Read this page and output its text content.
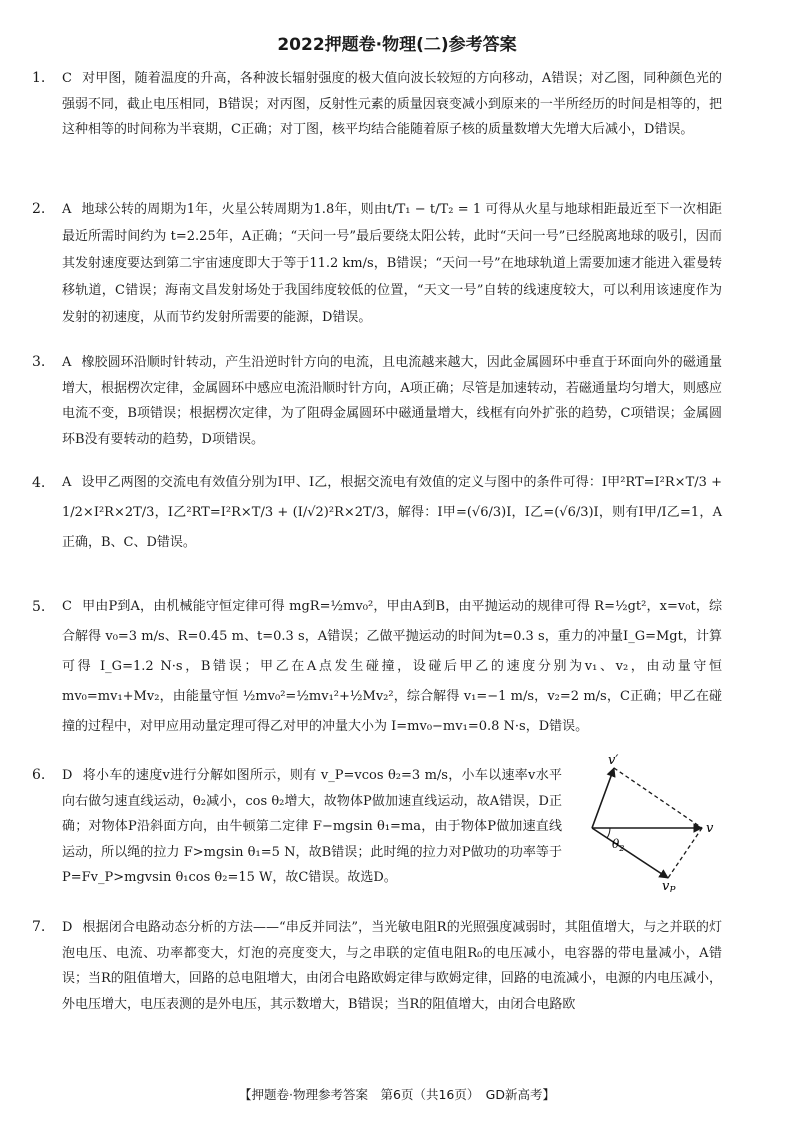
2022押题卷·物理(二)参考答案
1.	C 对甲图，随着温度的升高，各种波长辐射强度的极大值向波长较短的方向移动，A错误；对乙图，同种颜色光的强弱不同，截止电压相同，B错误；对丙图，反射性元素的质量因衰变减小到原来的一半所经历的时间是相等的，把这种相等的时间称为半衰期，C正确；对丁图，核平均结合能随着原子核的质量数增大先增大后减小，D错误。

2.	A 地球公转的周期为1年，火星公转周期为1.8年，则由t/T₁ − t/T₂ = 1 可得从火星与地球相距最近至下一次相距最近所需时间约为 t=2.25年，A正确；“天问一号”最后要绕太阳公转，此时“天问一号”已经脱离地球的吸引，因而其发射速度要达到第二宇宙速度即大于等于11.2 km/s，B错误；“天问一号”在地球轨道上需要加速才能进入霍曼转移轨道，C错误；海南文昌发射场处于我国纬度较低的位置，“天文一号”自转的线速度较大，可以利用该速度作为发射的初速度，从而节约发射所需要的能源，D错误。

3.	A 橡胶圆环沿顺时针转动，产生沿逆时针方向的电流，且电流越来越大，因此金属圆环中垂直于环面向外的磁通量增大，根据楞次定律，金属圆环中感应电流沿顺时针方向，A项正确；尽管是加速转动，若磁通量均匀增大，则感应电流不变，B项错误；根据楞次定律，为了阻碍金属圆环中磁通量增大，线框有向外扩张的趋势，C项错误；金属圆环B没有要转动的趋势，D项错误。

4.	A 设甲乙两图的交流电有效值分别为I甲、I乙，根据交流电有效值的定义与图中的条件可得：I甲²RT=I²R×T/3 + 1/2×I²R×2T/3，I乙²RT=I²R×T/3 + (I/√2)²R×2T/3，解得：I甲=(√6/3)I，I乙=(√6/3)I，则有I甲/I乙=1，A正确，B、C、D错误。

5.	C 甲由P到A，由机械能守恒定律可得 mgR=½mv₀²，甲由A到B，由平抛运动的规律可得 R=½gt²，x=v₀t，综合解得 v₀=3 m/s、R=0.45 m、t=0.3 s，A错误；乙做平抛运动的时间为t=0.3 s，重力的冲量I_G=Mgt，计算可得 I_G=1.2 N·s，B错误；甲乙在A点发生碰撞，设碰后甲乙的速度分别为v₁、v₂，由动量守恒 mv₀=mv₁+Mv₂，由能量守恒 ½mv₀²=½mv₁²+½Mv₂²，综合解得 v₁=−1 m/s，v₂=2 m/s，C正确；甲乙在碰撞的过程中，对甲应用动量定理可得乙对甲的冲量大小为 I=mv₀−mv₁=0.8 N·s，D错误。

6.	D 将小车的速度v进行分解如图所示，则有 v_P=vcos θ₂=3 m/s，小车以速率v水平向右做匀速直线运动，θ₂减小，cos θ₂增大，故物体P做加速直线运动，故A错误，D正确；对物体P沿斜面方向，由牛顿第二定律 F−mgsin θ₁=ma，由于物体P做加速直线运动，所以绳的拉力 F>mgsin θ₁=5 N，故B错误；此时绳的拉力对P做功的功率等于 P=Fv_P>mgvsin θ₁cos θ₂=15 W，故C错误。故选D。

v′
v
$v_P$
$\theta_2$
7.	D 根据闭合电路动态分析的方法——“串反并同法”，当光敏电阻R的光照强度减弱时，其阻值增大，与之并联的灯泡电压、电流、功率都变大，灯泡的亮度变大，与之串联的定值电阻R₀的电压减小，电容器的带电量减小，A错误；当R的阻值增大，回路的总电阻增大，由闭合电路欧姆定律与欧姆定律，回路的电流减小，电源的内电压减小，外电压增大，电压表测的是外电压，其示数增大，B错误；当R的阻值增大，由闭合电路欧

【押题卷·物理参考答案　第6页（共16页）　GD新高考】
